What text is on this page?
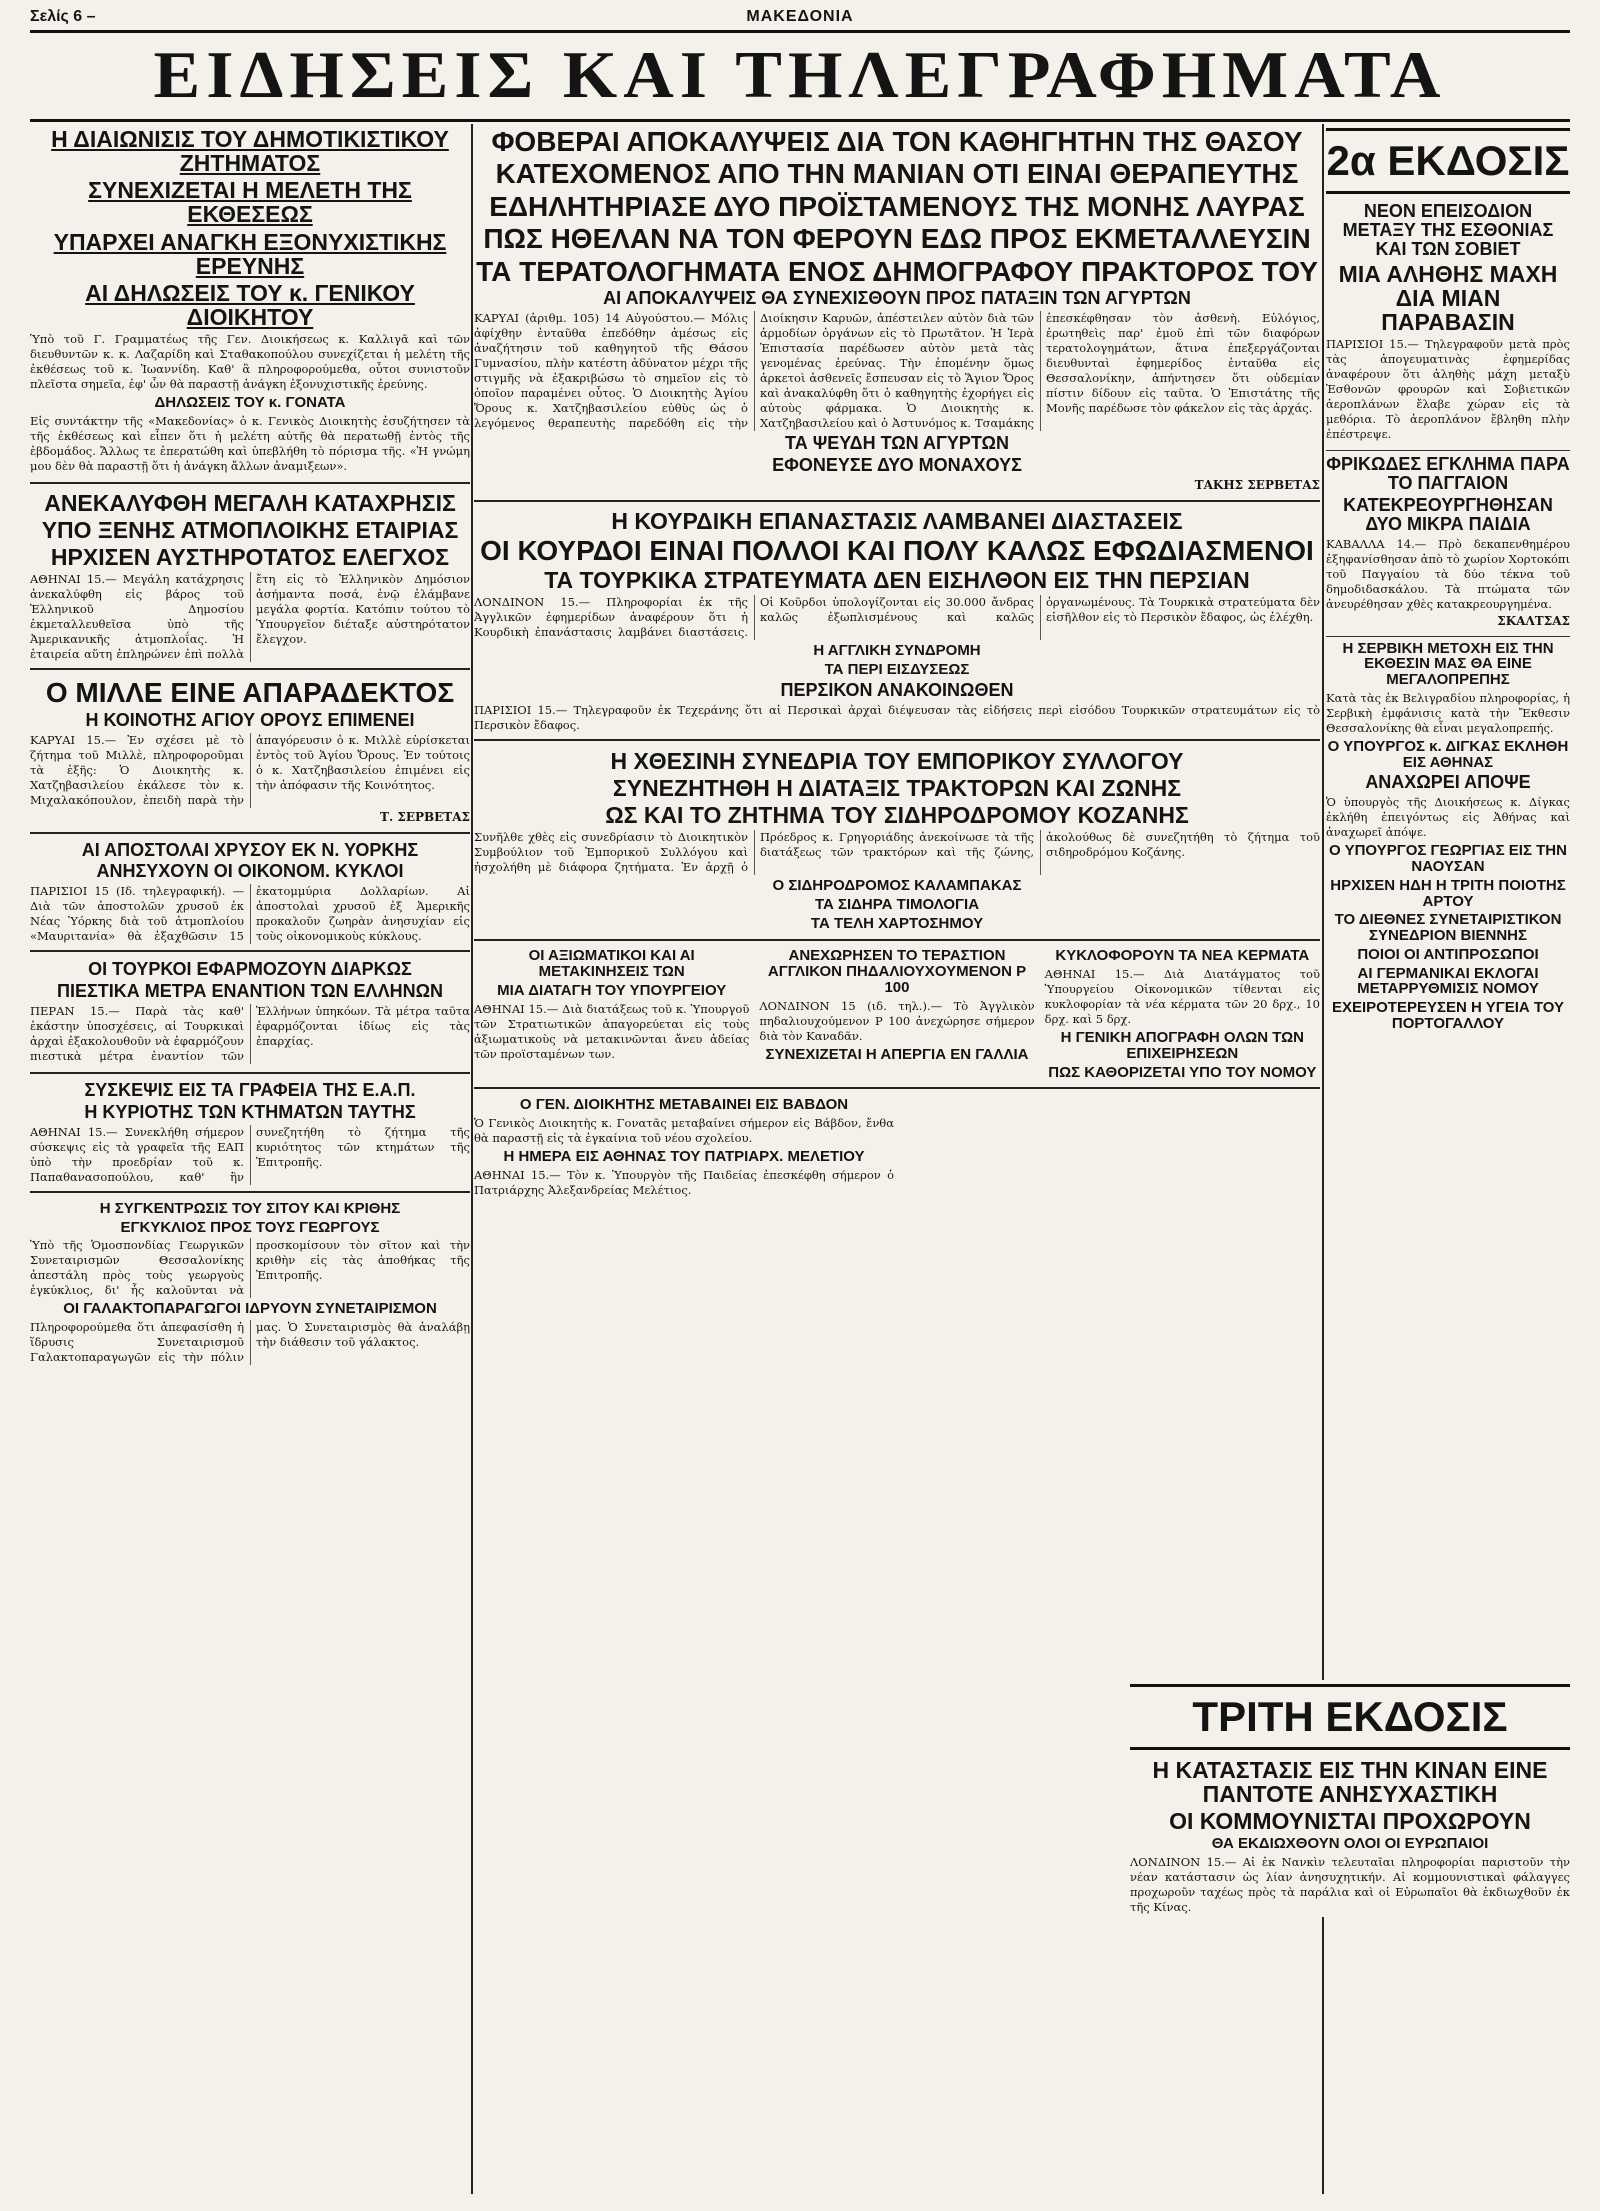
Σελίς 6 –	ΜΑΚΕΔΟΝΙΑ
ΕΙΔΗΣΕΙΣ ΚΑΙ ΤΗΛΕΓΡΑΦΗΜΑΤΑ
Η ΔΙΑΙΩΝΙΣΙΣ ΤΟΥ ΔΗΜΟΤΙΚΙΣΤΙΚΟΥ ΖΗΤΗΜΑΤΟΣ
ΣΥΝΕΧΙΖΕΤΑΙ Η ΜΕΛΕΤΗ ΤΗΣ ΕΚΘΕΣΕΩΣ
ΥΠΑΡΧΕΙ ΑΝΑΓΚΗ ΕΞΟΝΥΧΙΣΤΙΚΗΣ ΕΡΕΥΝΗΣ
ΑΙ ΔΗΛΩΣΕΙΣ ΤΟΥ κ. ΓΕΝΙΚΟΥ ΔΙΟΙΚΗΤΟΥ

Ὑπὸ τοῦ Γ. Γραμματέως τῆς Γεν. Διοικήσεως κ. Καλλιγᾶ καὶ τῶν διευθυντῶν κ. κ. Λαζαρίδη καὶ Σταθακοπούλου συνεχίζεται ἡ μελέτη τῆς ἐκθέσεως τοῦ κ. Ἰωαννίδη. Καθ' ἃ πληροφορούμεθα, οὗτοι συνιστοῦν πλεῖστα σημεῖα, ἐφ' ὧν θὰ παραστῇ ἀνάγκη ἐξονυχιστικῆς ἐρεύνης.

ΔΗΛΩΣΕΙΣ ΤΟΥ κ. ΓΟΝΑΤΑ

Εἰς συντάκτην τῆς «Μακεδονίας» ὁ κ. Γενικὸς Διοικητὴς ἐσυζήτησεν τὰ τῆς ἐκθέσεως καὶ εἶπεν ὅτι ἡ μελέτη αὐτῆς θὰ περατωθῇ ἐντὸς τῆς ἑβδομάδος. Ἄλλως τε ἐπερατώθη καὶ ὑπεβλήθη τὸ πόρισμα τῆς. «Ἡ γνώμη μου δὲν θὰ παραστῇ ὅτι ἡ ἀνάγκη ἄλλων ἀναμιξεων».

ΑΝΕΚΑΛΥΦΘΗ ΜΕΓΑΛΗ ΚΑΤΑΧΡΗΣΙΣ
ΥΠΟ ΞΕΝΗΣ ΑΤΜΟΠΛΟΙΚΗΣ ΕΤΑΙΡΙΑΣ
ΗΡΧΙΣΕΝ ΑΥΣΤΗΡΟΤΑΤΟΣ ΕΛΕΓΧΟΣ

ΑΘΗΝΑΙ 15.— Μεγάλη κατάχρησις ἀνεκαλύφθη εἰς βάρος τοῦ Ἑλληνικοῦ Δημοσίου ἐκμεταλλευθεῖσα ὑπὸ τῆς Ἀμερικανικῆς ἀτμοπλοΐας. Ἡ ἐταιρεία αὕτη ἐπληρώνεν ἐπὶ πολλὰ ἔτη εἰς τὸ Ἑλληνικὸν Δημόσιον ἀσήμαντα ποσά, ἐνῷ ἐλάμβανε μεγάλα φορτία. Κατόπιν τούτου τὸ Ὑπουργεῖον διέταξε αὐστηρότατον ἔλεγχον.

Ο ΜΙΛΛΕ ΕΙΝΕ ΑΠΑΡΑΔΕΚΤΟΣ
Η ΚΟΙΝΟΤΗΣ ΑΓΙΟΥ ΟΡΟΥΣ ΕΠΙΜΕΝΕΙ

ΚΑΡΥΑΙ 15.— Ἐν σχέσει μὲ τὸ ζήτημα τοῦ Μιλλὲ, πληροφοροῦμαι τὰ ἑξῆς: Ὁ Διοικητὴς κ. Χατζηβασιλείου ἐκάλεσε τὸν κ. Μιχαλακόπουλον, ἐπειδὴ παρὰ τὴν ἀπαγόρευσιν ὁ κ. Μιλλὲ εὑρίσκεται ἐντὸς τοῦ Ἁγίου Ὄρους. Ἐν τούτοις ὁ κ. Χατζηβασιλείου ἐπιμένει εἰς τὴν ἀπόφασιν τῆς Κοινότητος.

Τ. ΣΕΡΒΕΤΑΣ
ΑΙ ΑΠΟΣΤΟΛΑΙ ΧΡΥΣΟΥ ΕΚ Ν. ΥΟΡΚΗΣ
ΑΝΗΣΥΧΟΥΝ ΟΙ ΟΙΚΟΝΟΜ. ΚΥΚΛΟΙ

ΠΑΡΙΣΙΟΙ 15 (Ιδ. τηλεγραφική). — Διὰ τῶν ἀποστολῶν χρυσοῦ ἐκ Νέας Ὑόρκης διὰ τοῦ ἀτμοπλοίου «Μαυριτανία» θὰ ἐξαχθῶσιν 15 ἑκατομμύρια Δολλαρίων. Αἱ ἀποστολαὶ χρυσοῦ ἐξ Ἀμερικῆς προκαλοῦν ζωηρὰν ἀνησυχίαν εἰς τοὺς οἰκονομικοὺς κύκλους.

ΟΙ ΤΟΥΡΚΟΙ ΕΦΑΡΜΟΖΟΥΝ ΔΙΑΡΚΩΣ
ΠΙΕΣΤΙΚΑ ΜΕΤΡΑ ΕΝΑΝΤΙΟΝ ΤΩΝ ΕΛΛΗΝΩΝ

ΠΕΡΑΝ 15.— Παρὰ τὰς καθ' ἑκάστην ὑποσχέσεις, αἱ Τουρκικαὶ ἀρχαὶ ἐξακολουθοῦν νὰ ἐφαρμόζουν πιεστικὰ μέτρα ἐναντίον τῶν Ἑλλήνων ὑπηκόων. Τὰ μέτρα ταῦτα ἐφαρμόζονται ἰδίως εἰς τὰς ἐπαρχίας.

ΣΥΣΚΕΨΙΣ ΕΙΣ ΤΑ ΓΡΑΦΕΙΑ ΤΗΣ Ε.Α.Π.
Η ΚΥΡΙΟΤΗΣ ΤΩΝ ΚΤΗΜΑΤΩΝ ΤΑΥΤΗΣ

ΑΘΗΝΑΙ 15.— Συνεκλήθη σήμερον σύσκεψις εἰς τὰ γραφεῖα τῆς ΕΑΠ ὑπὸ τὴν προεδρίαν τοῦ κ. Παπαθανασοπούλου, καθ' ἣν συνεζητήθη τὸ ζήτημα τῆς κυριότητος τῶν κτημάτων τῆς Ἐπιτροπῆς.

Η ΣΥΓΚΕΝΤΡΩΣΙΣ ΤΟΥ ΣΙΤΟΥ ΚΑΙ ΚΡΙΘΗΣ
ΕΓΚΥΚΛΙΟΣ ΠΡΟΣ ΤΟΥΣ ΓΕΩΡΓΟΥΣ

Ὑπὸ τῆς Ὁμοσπονδίας Γεωργικῶν Συνεταιρισμῶν Θεσσαλονίκης ἀπεστάλη πρὸς τοὺς γεωργοὺς ἐγκύκλιος, δι' ἧς καλοῦνται νὰ προσκομίσουν τὸν σῖτον καὶ τὴν κριθὴν εἰς τὰς ἀποθήκας τῆς Ἐπιτροπῆς.

ΟΙ ΓΑΛΑΚΤΟΠΑΡΑΓΩΓΟΙ ΙΔΡΥΟΥΝ ΣΥΝΕΤΑΙΡΙΣΜΟΝ

Πληροφορούμεθα ὅτι ἀπεφασίσθη ἡ ἵδρυσις Συνεταιρισμοῦ Γαλακτοπαραγωγῶν εἰς τὴν πόλιν μας. Ὁ Συνεταιρισμὸς θὰ ἀναλάβῃ τὴν διάθεσιν τοῦ γάλακτος.

ΦΟΒΕΡΑΙ ΑΠΟΚΑΛΥΨΕΙΣ ΔΙΑ ΤΟΝ ΚΑΘΗΓΗΤΗΝ ΤΗΣ ΘΑΣΟΥ
ΚΑΤΕΧΟΜΕΝΟΣ ΑΠΟ ΤΗΝ ΜΑΝΙΑΝ ΟΤΙ ΕΙΝΑΙ ΘΕΡΑΠΕΥΤΗΣ
ΕΔΗΛΗΤΗΡΙΑΣΕ ΔΥΟ ΠΡΟΪΣΤΑΜΕΝΟΥΣ ΤΗΣ ΜΟΝΗΣ ΛΑΥΡΑΣ
ΠΩΣ ΗΘΕΛΑΝ ΝΑ ΤΟΝ ΦΕΡΟΥΝ ΕΔΩ ΠΡΟΣ ΕΚΜΕΤΑΛΛΕΥΣΙΝ
ΤΑ ΤΕΡΑΤΟΛΟΓΗΜΑΤΑ ΕΝΟΣ ΔΗΜΟΓΡΑΦΟΥ ΠΡΑΚΤΟΡΟΣ ΤΟΥ
ΑΙ ΑΠΟΚΑΛΥΨΕΙΣ ΘΑ ΣΥΝΕΧΙΣΘΟΥΝ ΠΡΟΣ ΠΑΤΑΞΙΝ ΤΩΝ ΑΓΥΡΤΩΝ

ΚΑΡΥΑΙ (ἀριθμ. 105) 14 Αὐγούστου.— Μόλις ἀφίχθην ἐνταῦθα ἐπεδόθην ἀμέσως εἰς ἀναζήτησιν τοῦ καθηγητοῦ τῆς Θάσου Γυμνασίου, πλὴν κατέστη ἀδύνατον μέχρι τῆς στιγμῆς νὰ ἐξακριβώσω τὸ σημεῖον εἰς τὸ ὁποῖον παραμένει οὗτος. Ὁ Διοικητὴς Ἁγίου Ὄρους κ. Χατζηβασιλείου εὐθὺς ὡς ὁ λεγόμενος θεραπευτὴς παρεδόθη εἰς τὴν Διοίκησιν Καρυῶν, ἀπέστειλεν αὐτὸν διὰ τῶν ἀρμοδίων ὀργάνων εἰς τὸ Πρωτᾶτον. Ἡ Ἱερὰ Ἐπιστασία παρέδωσεν αὐτὸν μετὰ τὰς γενομένας ἐρεύνας. Τὴν ἐπομένην ὅμως ἀρκετοὶ ἀσθενεῖς ἔσπευσαν εἰς τὸ Ἅγιον Ὄρος καὶ ἀνακαλύφθη ὅτι ὁ καθηγητὴς ἐχορήγει εἰς αὐτοὺς φάρμακα. Ὁ Διοικητὴς κ. Χατζηβασιλείου καὶ ὁ Ἀστυνόμος κ. Τσαμάκης ἐπεσκέφθησαν τὸν ἀσθενὴ. Εὐλόγιος, ἐρωτηθεὶς παρ' ἐμοῦ ἐπὶ τῶν διαφόρων τερατολογημάτων, ἅτινα ἐπεξεργάζονται διευθυνταὶ ἐφημερίδος ἐνταῦθα εἰς Θεσσαλονίκην, ἀπήντησεν ὅτι οὐδεμίαν πίστιν δίδουν εἰς ταῦτα. Ὁ Ἐπιστάτης τῆς Μονῆς παρέδωσε τὸν φάκελον εἰς τὰς ἀρχάς.

ΤΑ ΨΕΥΔΗ ΤΩΝ ΑΓΥΡΤΩΝ
ΕΦΟΝΕΥΣΕ ΔΥΟ ΜΟΝΑΧΟΥΣ
ΤΑΚΗΣ ΣΕΡΒΕΤΑΣ
Η ΚΟΥΡΔΙΚΗ ΕΠΑΝΑΣΤΑΣΙΣ ΛΑΜΒΑΝΕΙ ΔΙΑΣΤΑΣΕΙΣ
ΟΙ ΚΟΥΡΔΟΙ ΕΙΝΑΙ ΠΟΛΛΟΙ ΚΑΙ ΠΟΛΥ ΚΑΛΩΣ ΕΦΩΔΙΑΣΜΕΝΟΙ
ΤΑ ΤΟΥΡΚΙΚΑ ΣΤΡΑΤΕΥΜΑΤΑ ΔΕΝ ΕΙΣΗΛΘΟΝ ΕΙΣ ΤΗΝ ΠΕΡΣΙΑΝ

ΛΟΝΔΙΝΟΝ 15.— Πληροφορίαι ἐκ τῆς Ἀγγλικῶν ἐφημερίδων ἀναφέρουν ὅτι ἡ Κουρδικὴ ἐπανάστασις λαμβάνει διαστάσεις. Οἱ Κοῦρδοι ὑπολογίζονται εἰς 30.000 ἄνδρας καλῶς ἐξωπλισμένους καὶ καλῶς ὀργανωμένους. Τὰ Τουρκικὰ στρατεύματα δὲν εἰσῆλθον εἰς τὸ Περσικὸν ἔδαφος, ὡς ἐλέχθη.

Η ΑΓΓΛΙΚΗ ΣΥΝΔΡΟΜΗ
ΤΑ ΠΕΡΙ ΕΙΣΔΥΣΕΩΣ
ΠΕΡΣΙΚΟΝ ΑΝΑΚΟΙΝΩΘΕΝ

ΠΑΡΙΣΙΟΙ 15.— Τηλεγραφοῦν ἐκ Τεχεράνης ὅτι αἱ Περσικαὶ ἀρχαὶ διέψευσαν τὰς εἰδήσεις περὶ εἰσόδου Τουρκικῶν στρατευμάτων εἰς τὸ Περσικὸν ἔδαφος.

Η ΧΘΕΣΙΝΗ ΣΥΝΕΔΡΙΑ ΤΟΥ ΕΜΠΟΡΙΚΟΥ ΣΥΛΛΟΓΟΥ
ΣΥΝΕΖΗΤΗΘΗ Η ΔΙΑΤΑΞΙΣ ΤΡΑΚΤΟΡΩΝ ΚΑΙ ΖΩΝΗΣ
ΩΣ ΚΑΙ ΤΟ ΖΗΤΗΜΑ ΤΟΥ ΣΙΔΗΡΟΔΡΟΜΟΥ ΚΟΖΑΝΗΣ

Συνῆλθε χθὲς εἰς συνεδρίασιν τὸ Διοικητικὸν Συμβούλιον τοῦ Ἐμπορικοῦ Συλλόγου καὶ ἠσχολήθη μὲ διάφορα ζητήματα. Ἐν ἀρχῇ ὁ Πρόεδρος κ. Γρηγοριάδης ἀνεκοίνωσε τὰ τῆς διατάξεως τῶν τρακτόρων καὶ τῆς ζώνης, ἀκολούθως δὲ συνεζητήθη τὸ ζήτημα τοῦ σιδηροδρόμου Κοζάνης.

Ο ΣΙΔΗΡΟΔΡΟΜΟΣ ΚΑΛΑΜΠΑΚΑΣ
ΤΑ ΣΙΔΗΡΑ ΤΙΜΟΛΟΓΙΑ
ΤΑ ΤΕΛΗ ΧΑΡΤΟΣΗΜΟΥ
ΟΙ ΑΞΙΩΜΑΤΙΚΟΙ ΚΑΙ ΑΙ ΜΕΤΑΚΙΝΗΣΕΙΣ ΤΩΝ
ΜΙΑ ΔΙΑΤΑΓΗ ΤΟΥ ΥΠΟΥΡΓΕΙΟΥ

ΑΘΗΝΑΙ 15.— Διὰ διατάξεως τοῦ κ. Ὑπουργοῦ τῶν Στρατιωτικῶν ἀπαγορεύεται εἰς τοὺς ἀξιωματικοὺς νὰ μετακινῶνται ἄνευ ἀδείας τῶν προϊσταμένων των.

ΑΝΕΧΩΡΗΣΕΝ ΤΟ ΤΕΡΑΣΤΙΟΝ ΑΓΓΛΙΚΟΝ ΠΗΔΑΛΙΟΥΧΟΥΜΕΝΟΝ Ρ 100

ΛΟΝΔΙΝΟΝ 15 (ιδ. τηλ.).— Τὸ Ἀγγλικὸν πηδαλιουχούμενον Ρ 100 ἀνεχώρησε σήμερον διὰ τὸν Καναδᾶν.

ΣΥΝΕΧΙΖΕΤΑΙ Η ΑΠΕΡΓΙΑ ΕΝ ΓΑΛΛΙΑ
ΚΥΚΛΟΦΟΡΟΥΝ ΤΑ ΝΕΑ ΚΕΡΜΑΤΑ

ΑΘΗΝΑΙ 15.— Διὰ Διατάγματος τοῦ Ὑπουργείου Οἰκονομικῶν τίθενται εἰς κυκλοφορίαν τὰ νέα κέρματα τῶν 20 δρχ., 10 δρχ. καὶ 5 δρχ.

Η ΓΕΝΙΚΗ ΑΠΟΓΡΑΦΗ ΟΛΩΝ ΤΩΝ ΕΠΙΧΕΙΡΗΣΕΩΝ
ΠΩΣ ΚΑΘΟΡΙΖΕΤΑΙ ΥΠΟ ΤΟΥ ΝΟΜΟΥ
Ο ΓΕΝ. ΔΙΟΙΚΗΤΗΣ ΜΕΤΑΒΑΙΝΕΙ ΕΙΣ ΒΑΒΔΟΝ

Ὁ Γενικὸς Διοικητὴς κ. Γονατᾶς μεταβαίνει σήμερον εἰς Βάβδον, ἔνθα θὰ παραστῇ εἰς τὰ ἐγκαίνια τοῦ νέου σχολείου.

Η ΗΜΕΡΑ ΕΙΣ ΑΘΗΝΑΣ ΤΟΥ ΠΑΤΡΙΑΡΧ. ΜΕΛΕΤΙΟΥ

ΑΘΗΝΑΙ 15.— Τὸν κ. Ὑπουργὸν τῆς Παιδείας ἐπεσκέφθη σήμερον ὁ Πατριάρχης Ἀλεξανδρείας Μελέτιος.

2α ΕΚΔΟΣΙΣ
ΝΕΟΝ ΕΠΕΙΣΟΔΙΟΝ ΜΕΤΑΞΥ ΤΗΣ ΕΣΘΟΝΙΑΣ ΚΑΙ ΤΩΝ ΣΟΒΙΕΤ
ΜΙΑ ΑΛΗΘΗΣ ΜΑΧΗ ΔΙΑ ΜΙΑΝ ΠΑΡΑΒΑΣΙΝ

ΠΑΡΙΣΙΟΙ 15.— Τηλεγραφοῦν μετὰ πρὸς τὰς ἀπογευματινὰς ἐφημερίδας ἀναφέρουν ὅτι ἀληθὴς μάχη μεταξὺ Ἐσθονῶν φρουρῶν καὶ Σοβιετικῶν ἀεροπλάνων ἔλαβε χώραν εἰς τὰ μεθόρια. Τὸ ἀεροπλάνον ἔβληθη πλὴν ἐπέστρεψε.

ΦΡΙΚΩΔΕΣ ΕΓΚΛΗΜΑ ΠΑΡΑ ΤΟ ΠΑΓΓΑΙΟΝ
ΚΑΤΕΚΡΕΟΥΡΓΗΘΗΣΑΝ ΔΥΟ ΜΙΚΡΑ ΠΑΙΔΙΑ

ΚΑΒΑΛΛΑ 14.— Πρὸ δεκαπενθημέρου ἐξηφανίσθησαν ἀπὸ τὸ χωρίον Χορτοκόπι τοῦ Παγγαίου τὰ δύο τέκνα τοῦ δημοδιδασκάλου. Τὰ πτώματα τῶν ἀνευρέθησαν χθὲς κατακρεουργημένα.

ΣΚΑΛΤΣΑΣ
Η ΣΕΡΒΙΚΗ ΜΕΤΟΧΗ ΕΙΣ ΤΗΝ ΕΚΘΕΣΙΝ ΜΑΣ ΘΑ ΕΙΝΕ ΜΕΓΑΛΟΠΡΕΠΗΣ

Κατὰ τὰς ἐκ Βελιγραδίου πληροφορίας, ἡ Σερβικὴ ἐμφάνισις κατὰ τὴν Ἔκθεσιν Θεσσαλονίκης θὰ εἶναι μεγαλοπρεπής.

Ο ΥΠΟΥΡΓΟΣ κ. ΔΙΓΚΑΣ ΕΚΛΗΘΗ ΕΙΣ ΑΘΗΝΑΣ
ΑΝΑΧΩΡΕΙ ΑΠΟΨΕ

Ὁ ὑπουργὸς τῆς Διοικήσεως κ. Δίγκας ἐκλήθη ἐπειγόντως εἰς Ἀθήνας καὶ ἀναχωρεῖ ἀπόψε.

Ο ΥΠΟΥΡΓΟΣ ΓΕΩΡΓΙΑΣ ΕΙΣ ΤΗΝ ΝΑΟΥΣΑΝ
ΗΡΧΙΣΕΝ ΗΔΗ Η ΤΡΙΤΗ ΠΟΙΟΤΗΣ ΑΡΤΟΥ
ΤΟ ΔΙΕΘΝΕΣ ΣΥΝΕΤΑΙΡΙΣΤΙΚΟΝ ΣΥΝΕΔΡΙΟΝ ΒΙΕΝΝΗΣ
ΠΟΙΟΙ ΟΙ ΑΝΤΙΠΡΟΣΩΠΟΙ
ΑΙ ΓΕΡΜΑΝΙΚΑΙ ΕΚΛΟΓΑΙ ΜΕΤΑΡΡΥΘΜΙΣΙΣ ΝΟΜΟΥ
ΕΧΕΙΡΟΤΕΡΕΥΣΕΝ Η ΥΓΕΙΑ ΤΟΥ ΠΟΡΤΟΓΑΛΛΟΥ
ΤΡΙΤΗ ΕΚΔΟΣΙΣ
Η ΚΑΤΑΣΤΑΣΙΣ ΕΙΣ ΤΗΝ ΚΙΝΑΝ ΕΙΝΕ ΠΑΝΤΟΤΕ ΑΝΗΣΥΧΑΣΤΙΚΗ
ΟΙ ΚΟΜΜΟΥΝΙΣΤΑΙ ΠΡΟΧΩΡΟΥΝ
ΘΑ ΕΚΔΙΩΧΘΟΥΝ ΟΛΟΙ ΟΙ ΕΥΡΩΠΑΙΟΙ

ΛΟΝΔΙΝΟΝ 15.— Αἱ ἐκ Νανκὶν τελευταῖαι πληροφορίαι παριστοῦν τὴν νέαν κατάστασιν ὡς λίαν ἀνησυχητικήν. Αἱ κομμουνιστικαὶ φάλαγγες προχωροῦν ταχέως πρὸς τὰ παράλια καὶ οἱ Εὐρωπαῖοι θὰ ἐκδιωχθοῦν ἐκ τῆς Κίνας.
